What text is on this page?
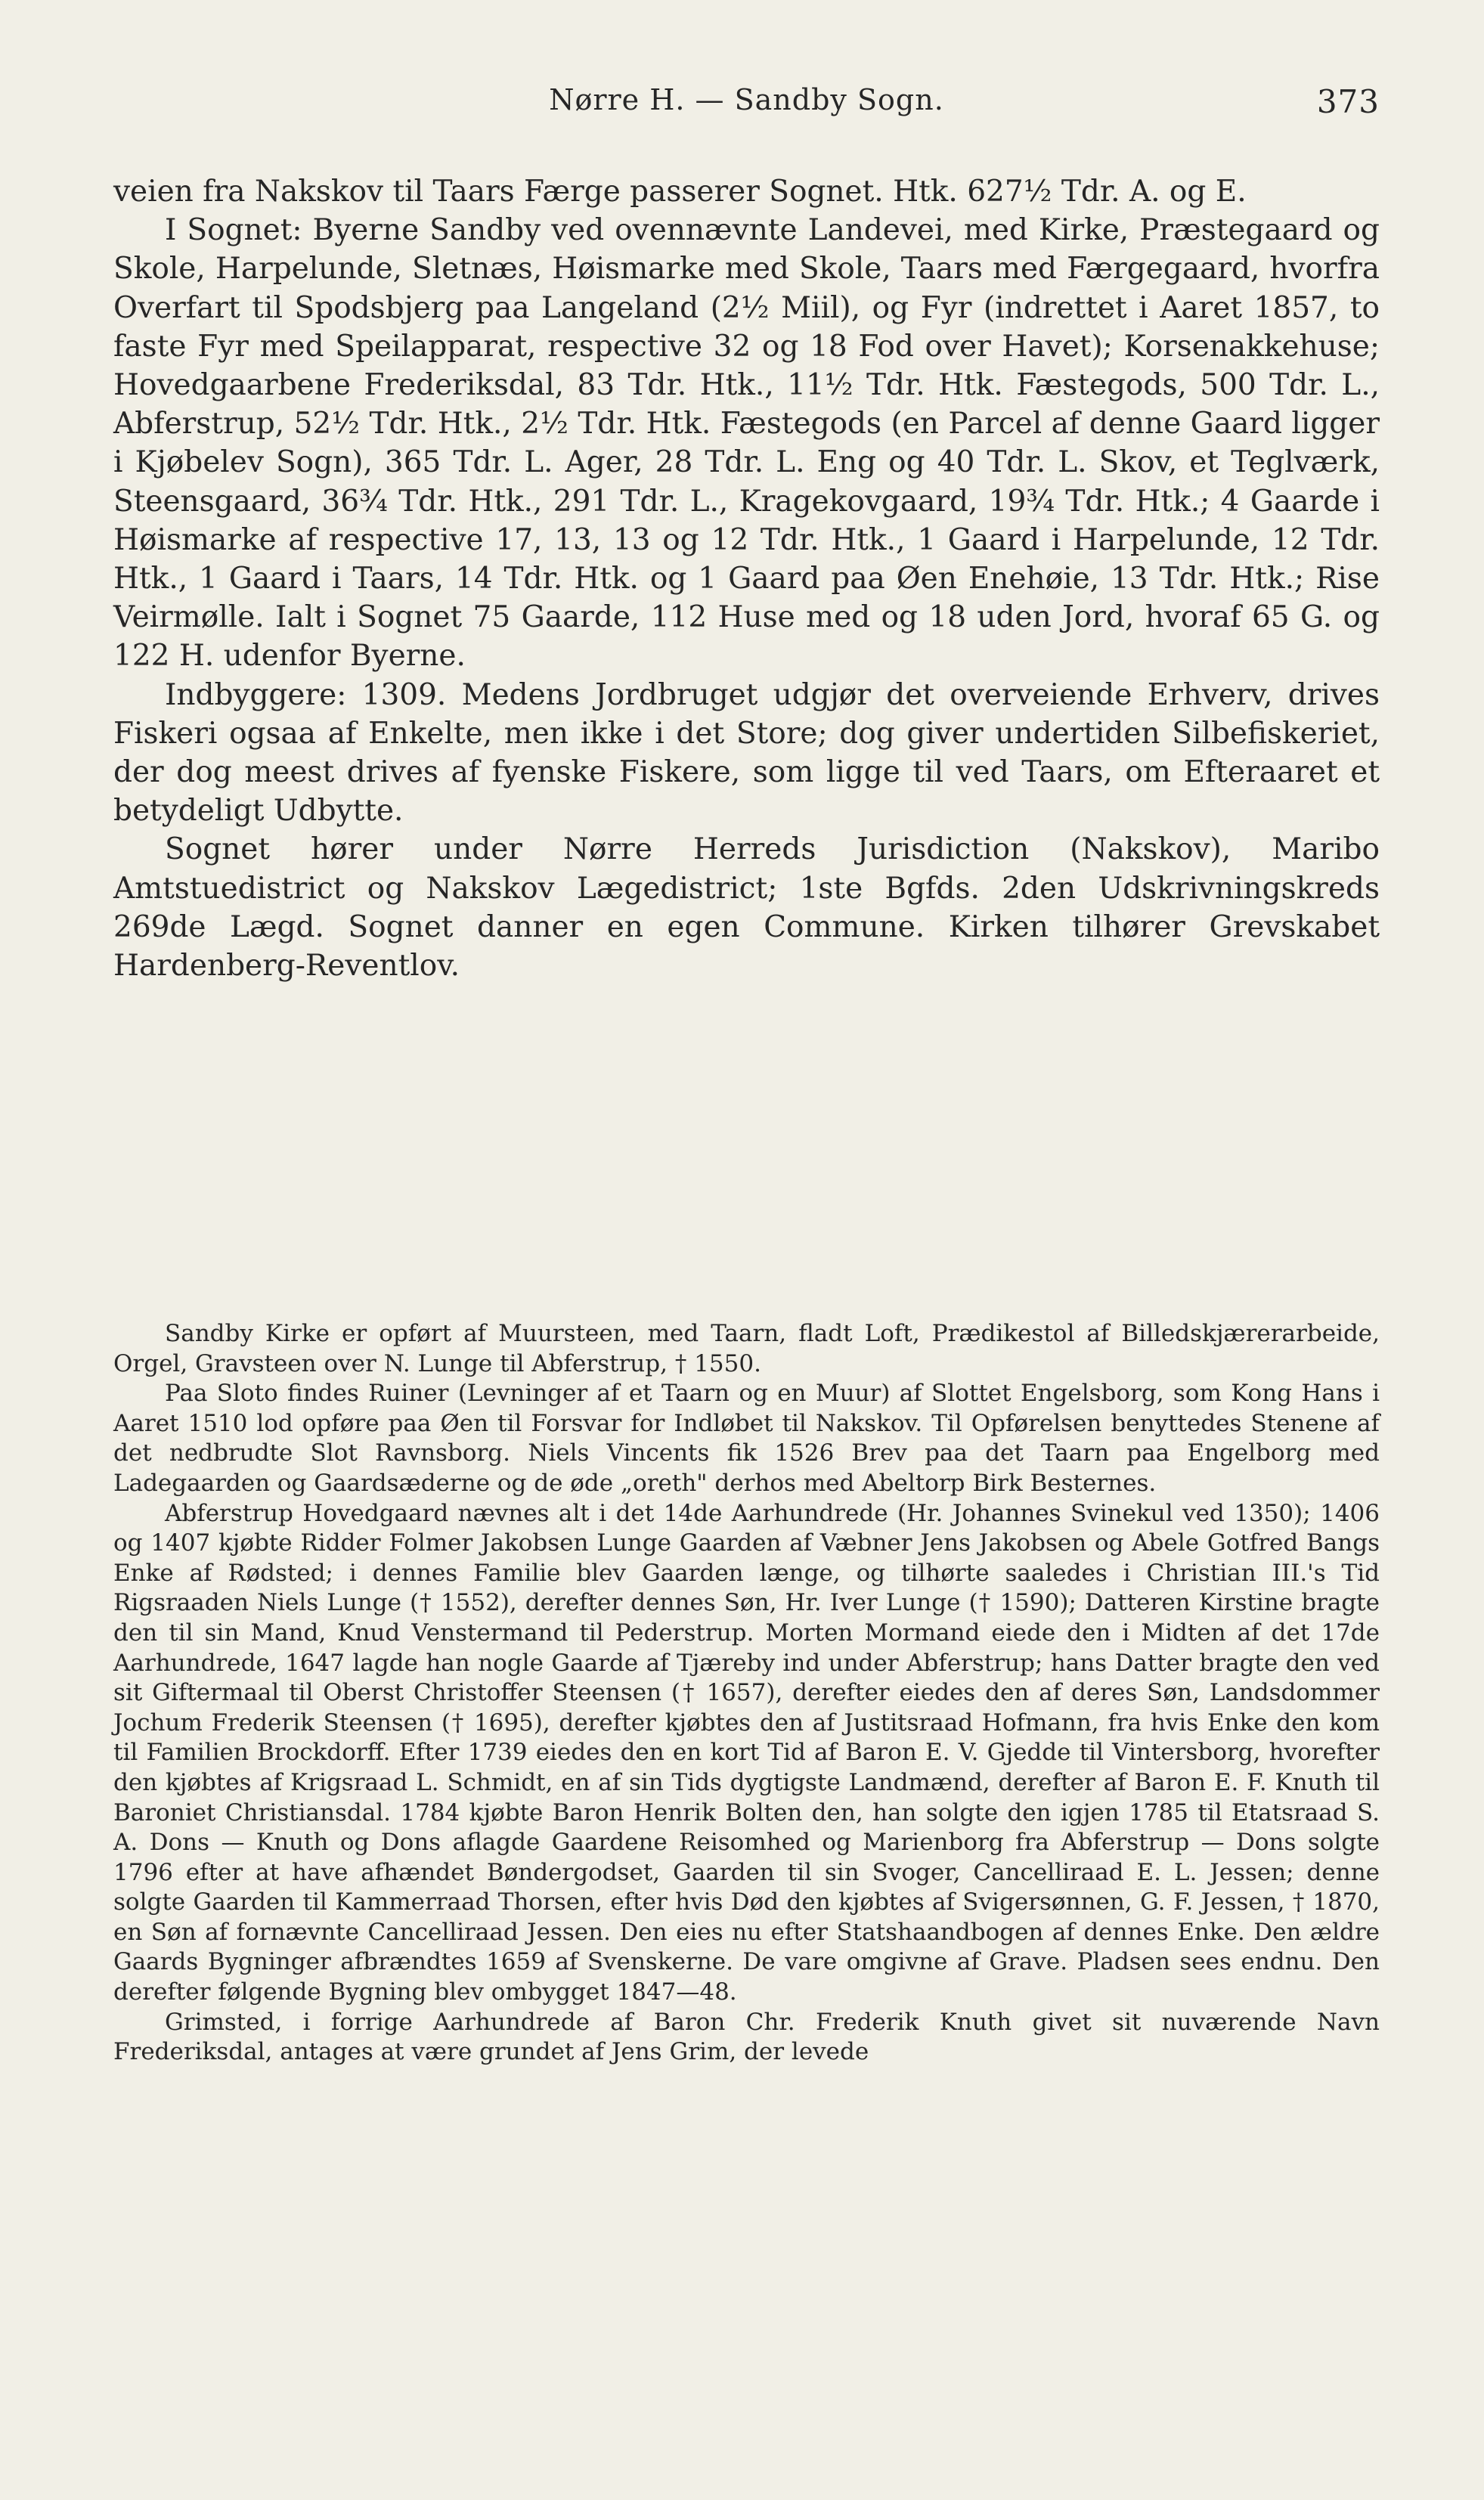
Nørre H. — Sandby Sogn.	373

veien fra Nakskov til Taars Færge passerer Sognet. Htk. 627½ Tdr. A. og E.

I Sognet: Byerne Sandby ved ovennævnte Landevei, med Kirke, Præstegaard og Skole, Harpelunde, Sletnæs, Høismarke med Skole, Taars med Færgegaard, hvorfra Overfart til Spodsbjerg paa Langeland (2½ Miil), og Fyr (indrettet i Aaret 1857, to faste Fyr med Speilapparat, respective 32 og 18 Fod over Havet); Korsenakkehuse; Hovedgaarbene Frederiksdal, 83 Tdr. Htk., 11½ Tdr. Htk. Fæstegods, 500 Tdr. L., Abferstrup, 52½ Tdr. Htk., 2½ Tdr. Htk. Fæstegods (en Parcel af denne Gaard ligger i Kjøbelev Sogn), 365 Tdr. L. Ager, 28 Tdr. L. Eng og 40 Tdr. L. Skov, et Teglværk, Steensgaard, 36¾ Tdr. Htk., 291 Tdr. L., Kragekovgaard, 19¾ Tdr. Htk.; 4 Gaarde i Høismarke af respective 17, 13, 13 og 12 Tdr. Htk., 1 Gaard i Harpelunde, 12 Tdr. Htk., 1 Gaard i Taars, 14 Tdr. Htk. og 1 Gaard paa Øen Enehøie, 13 Tdr. Htk.; Rise Veirmølle. Ialt i Sognet 75 Gaarde, 112 Huse med og 18 uden Jord, hvoraf 65 G. og 122 H. udenfor Byerne.

Indbyggere: 1309. Medens Jordbruget udgjør det overveiende Erhverv, drives Fiskeri ogsaa af Enkelte, men ikke i det Store; dog giver undertiden Silbefiskeriet, der dog meest drives af fyenske Fiskere, som ligge til ved Taars, om Efteraaret et betydeligt Udbytte.

Sognet hører under Nørre Herreds Jurisdiction (Nakskov), Maribo Amtstuedistrict og Nakskov Lægedistrict; 1ste Bgfds. 2den Udskrivningskreds 269de Lægd. Sognet danner en egen Commune. Kirken tilhører Grevskabet Hardenberg-Reventlov.

Sandby Kirke er opført af Muursteen, med Taarn, fladt Loft, Prædikestol af Billedskjærerarbeide, Orgel, Gravsteen over N. Lunge til Abferstrup, † 1550.

Paa Sloto findes Ruiner (Levninger af et Taarn og en Muur) af Slottet Engelsborg, som Kong Hans i Aaret 1510 lod opføre paa Øen til Forsvar for Indløbet til Nakskov. Til Opførelsen benyttedes Stenene af det nedbrudte Slot Ravnsborg. Niels Vincents fik 1526 Brev paa det Taarn paa Engelborg med Ladegaarden og Gaardsæderne og de øde „oreth" derhos med Abeltorp Birk Besternes.

Abferstrup Hovedgaard nævnes alt i det 14de Aarhundrede (Hr. Johannes Svinekul ved 1350); 1406 og 1407 kjøbte Ridder Folmer Jakobsen Lunge Gaarden af Væbner Jens Jakobsen og Abele Gotfred Bangs Enke af Rødsted; i dennes Familie blev Gaarden længe, og tilhørte saaledes i Christian III.'s Tid Rigsraaden Niels Lunge († 1552), derefter dennes Søn, Hr. Iver Lunge († 1590); Datteren Kirstine bragte den til sin Mand, Knud Venstermand til Pederstrup. Morten Mormand eiede den i Midten af det 17de Aarhundrede, 1647 lagde han nogle Gaarde af Tjæreby ind under Abferstrup; hans Datter bragte den ved sit Giftermaal til Oberst Christoffer Steensen († 1657), derefter eiedes den af deres Søn, Landsdommer Jochum Frederik Steensen († 1695), derefter kjøbtes den af Justitsraad Hofmann, fra hvis Enke den kom til Familien Brockdorff. Efter 1739 eiedes den en kort Tid af Baron E. V. Gjedde til Vintersborg, hvorefter den kjøbtes af Krigsraad L. Schmidt, en af sin Tids dygtigste Landmænd, derefter af Baron E. F. Knuth til Baroniet Christiansdal. 1784 kjøbte Baron Henrik Bolten den, han solgte den igjen 1785 til Etatsraad S. A. Dons — Knuth og Dons aflagde Gaardene Reisomhed og Marienborg fra Abferstrup — Dons solgte 1796 efter at have afhændet Bøndergodset, Gaarden til sin Svoger, Cancelliraad E. L. Jessen; denne solgte Gaarden til Kammerraad Thorsen, efter hvis Død den kjøbtes af Svigersønnen, G. F. Jessen, † 1870, en Søn af fornævnte Cancelliraad Jessen. Den eies nu efter Statshaandbogen af dennes Enke. Den ældre Gaards Bygninger afbrændtes 1659 af Svenskerne. De vare omgivne af Grave. Pladsen sees endnu. Den derefter følgende Bygning blev ombygget 1847—48.

Grimsted, i forrige Aarhundrede af Baron Chr. Frederik Knuth givet sit nuværende Navn Frederiksdal, antages at være grundet af Jens Grim, der levede
